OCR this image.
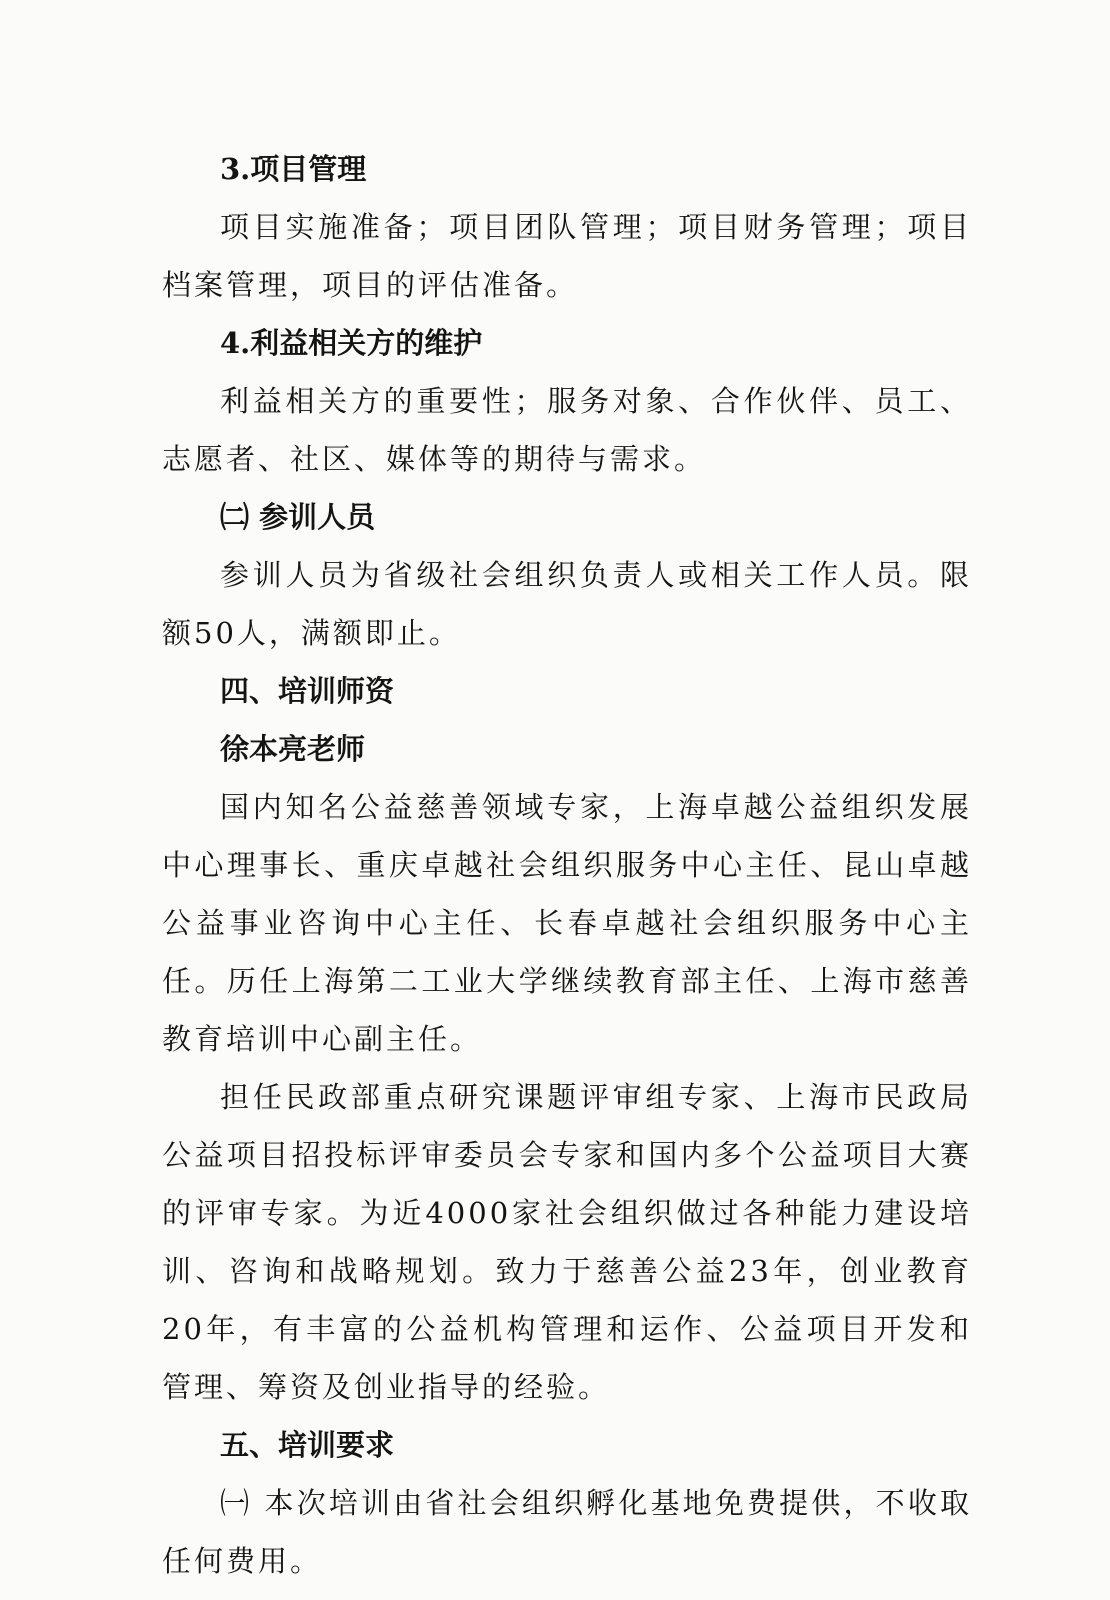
3.项目管理

项目实施准备；项目团队管理；项目财务管理；项目档案管理，项目的评估准备。

4.利益相关方的维护

利益相关方的重要性；服务对象、合作伙伴、员工、志愿者、社区、媒体等的期待与需求。

㈡ 参训人员

参训人员为省级社会组织负责人或相关工作人员。限额50人，满额即止。

四、培训师资

徐本亮老师

国内知名公益慈善领域专家，上海卓越公益组织发展中心理事长、重庆卓越社会组织服务中心主任、昆山卓越公益事业咨询中心主任、长春卓越社会组织服务中心主任。历任上海第二工业大学继续教育部主任、上海市慈善教育培训中心副主任。

担任民政部重点研究课题评审组专家、上海市民政局公益项目招投标评审委员会专家和国内多个公益项目大赛的评审专家。为近4000家社会组织做过各种能力建设培训、咨询和战略规划。致力于慈善公益23年，创业教育20年，有丰富的公益机构管理和运作、公益项目开发和管理、筹资及创业指导的经验。

五、培训要求

㈠ 本次培训由省社会组织孵化基地免费提供，不收取任何费用。
